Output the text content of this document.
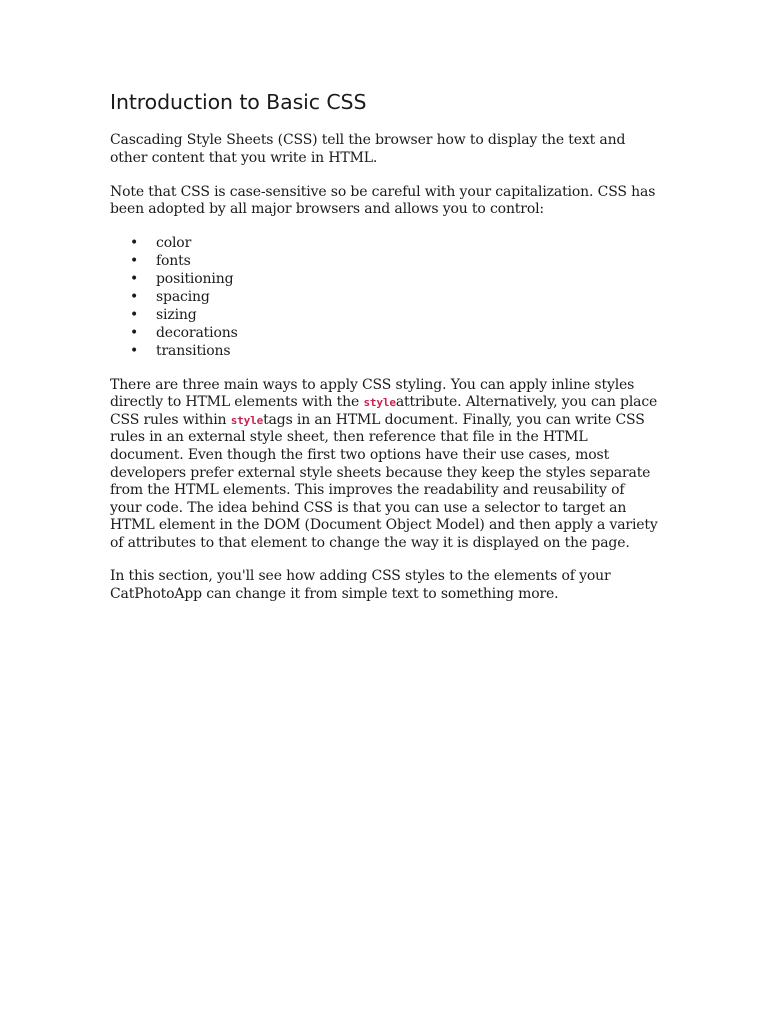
Introduction to Basic CSS

Cascading Style Sheets (CSS) tell the browser how to display the text and other content that you write in HTML.

Note that CSS is case-sensitive so be careful with your capitalization. CSS has been adopted by all major browsers and allows you to control:

• color
• fonts
• positioning
• spacing
• sizing
• decorations
• transitions

There are three main ways to apply CSS styling. You can apply inline styles directly to HTML elements with the styleattribute. Alternatively, you can place CSS rules within styletags in an HTML document. Finally, you can write CSS rules in an external style sheet, then reference that file in the HTML document. Even though the first two options have their use cases, most developers prefer external style sheets because they keep the styles separate from the HTML elements. This improves the readability and reusability of your code. The idea behind CSS is that you can use a selector to target an HTML element in the DOM (Document Object Model) and then apply a variety of attributes to that element to change the way it is displayed on the page.

In this section, you'll see how adding CSS styles to the elements of your CatPhotoApp can change it from simple text to something more.
